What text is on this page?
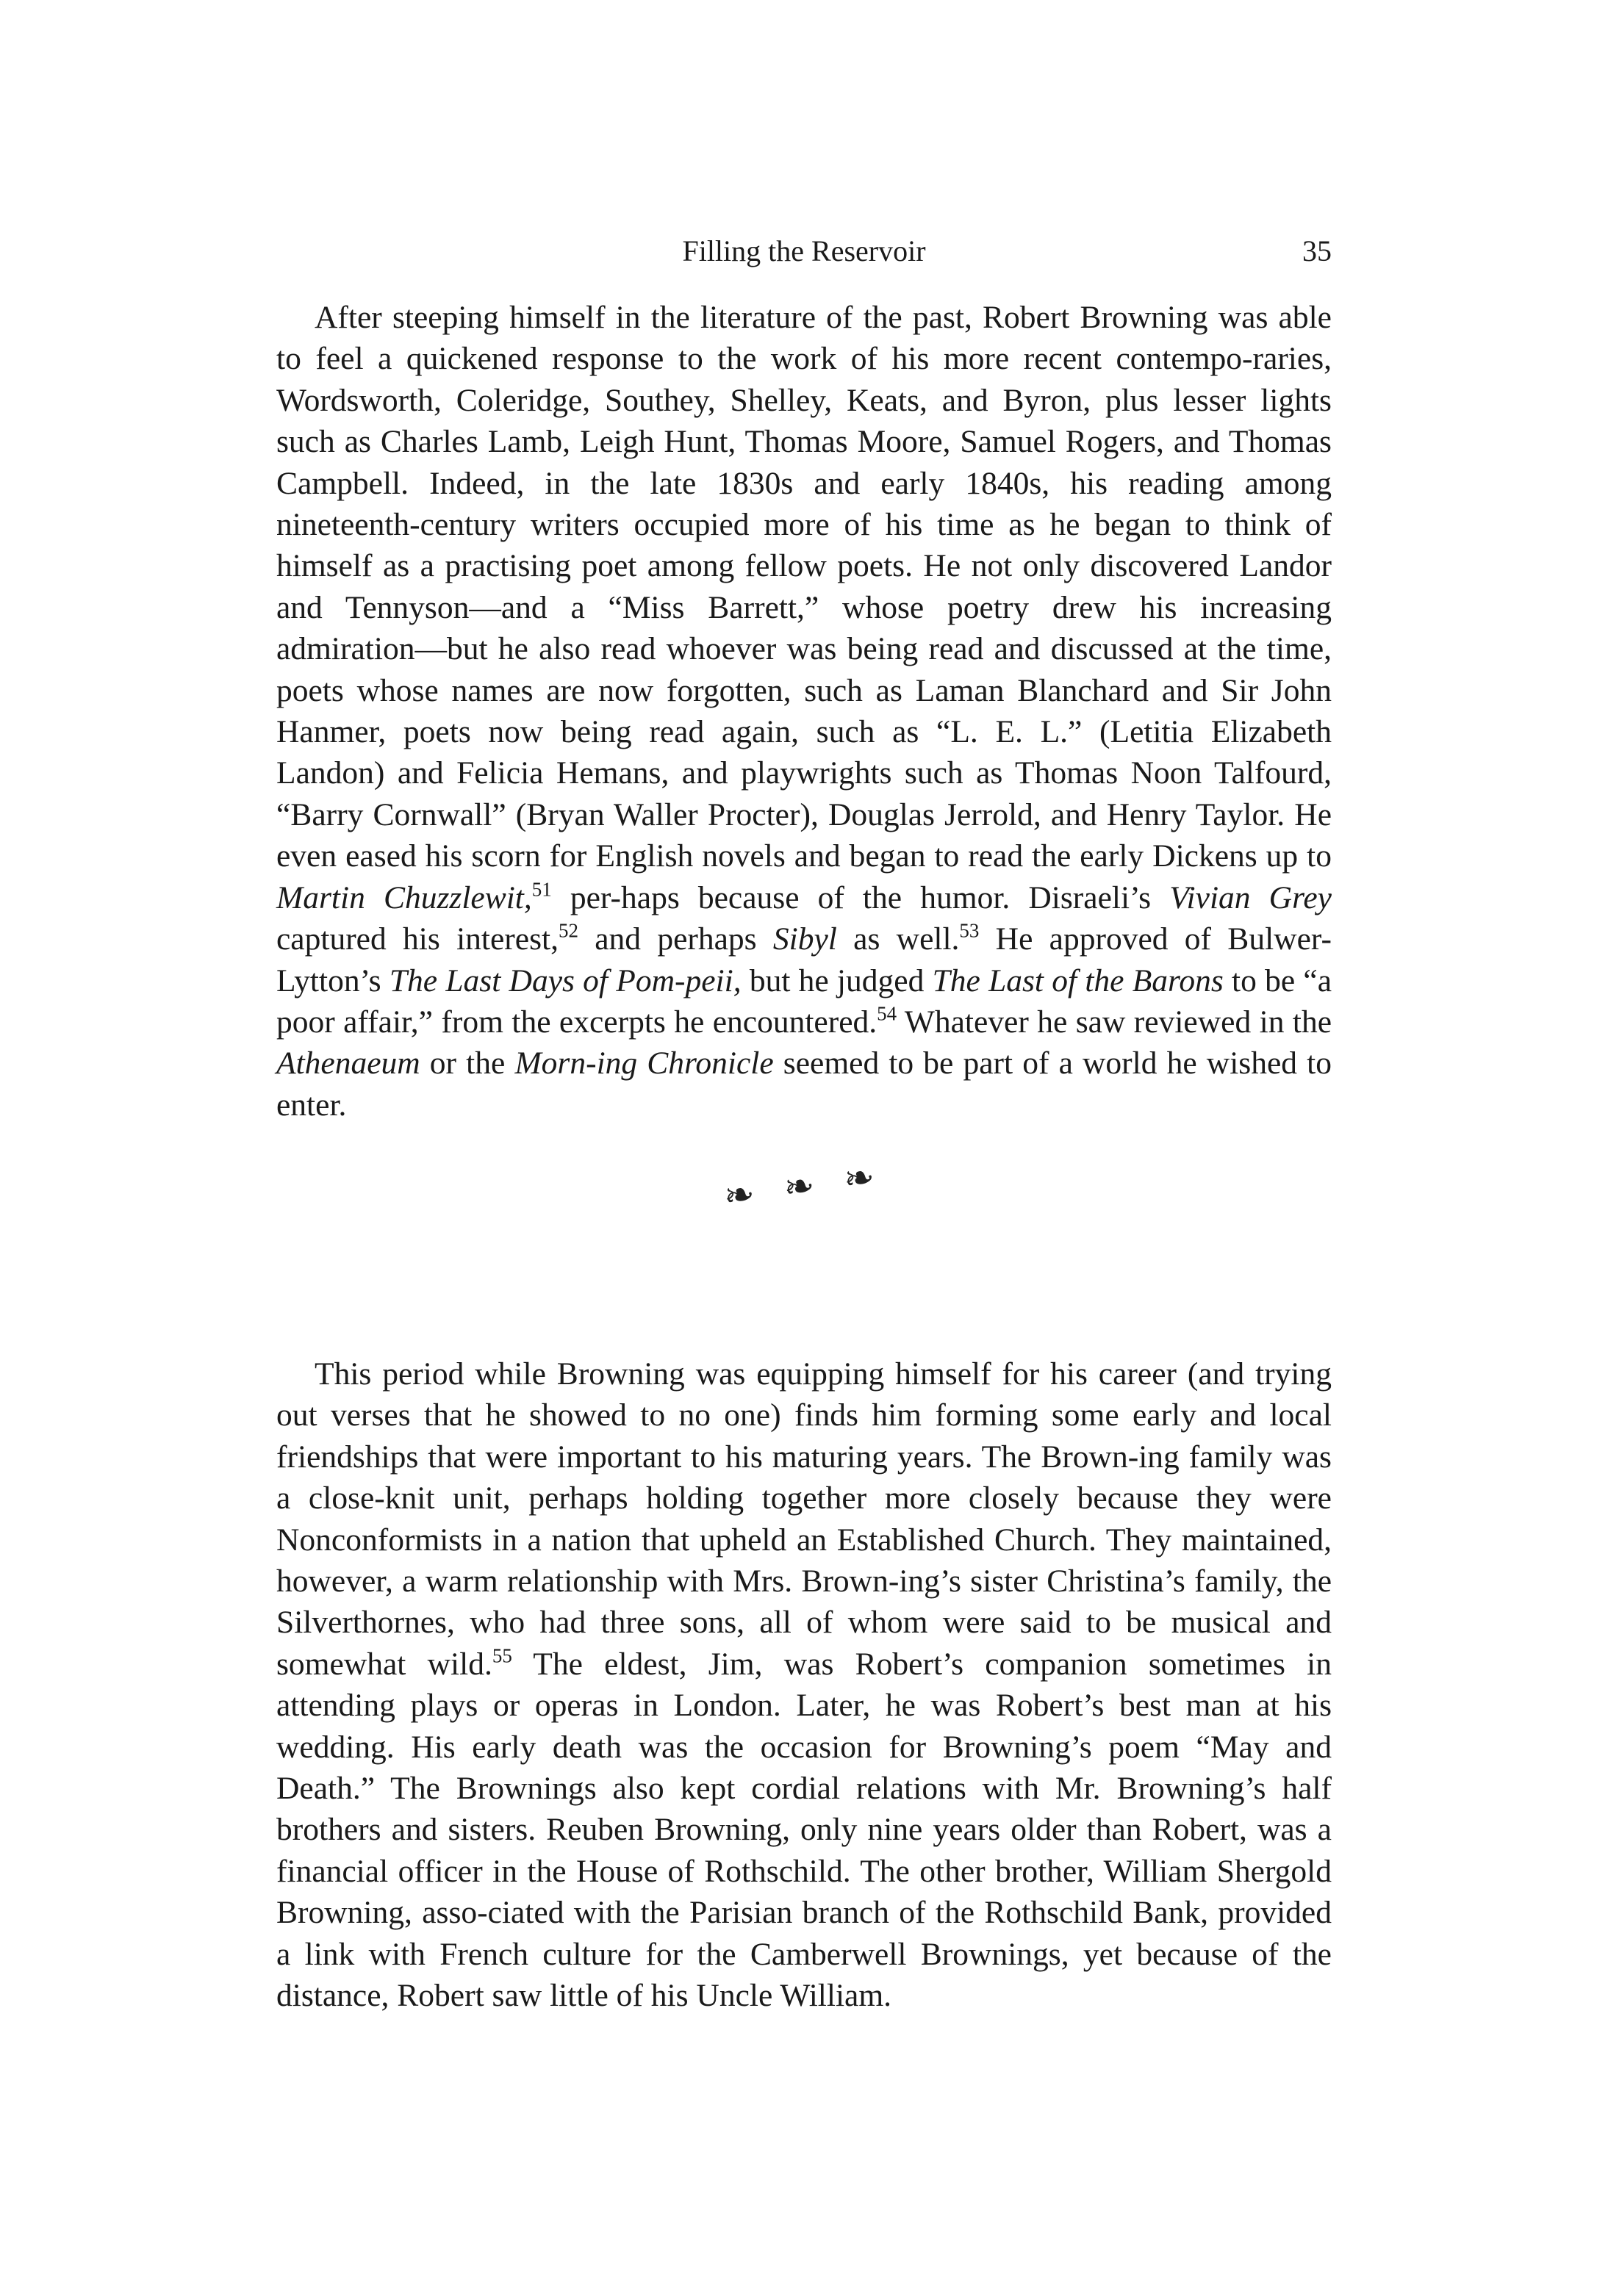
Filling the Reservoir	35

After steeping himself in the literature of the past, Robert Browning was able to feel a quickened response to the work of his more recent contempo-raries, Wordsworth, Coleridge, Southey, Shelley, Keats, and Byron, plus lesser lights such as Charles Lamb, Leigh Hunt, Thomas Moore, Samuel Rogers, and Thomas Campbell. Indeed, in the late 1830s and early 1840s, his reading among nineteenth-century writers occupied more of his time as he began to think of himself as a practising poet among fellow poets. He not only discovered Landor and Tennyson—and a “Miss Barrett,” whose poetry drew his increasing admiration—but he also read whoever was being read and discussed at the time, poets whose names are now forgotten, such as Laman Blanchard and Sir John Hanmer, poets now being read again, such as “L. E. L.” (Letitia Elizabeth Landon) and Felicia Hemans, and playwrights such as Thomas Noon Talfourd, “Barry Cornwall” (Bryan Waller Procter), Douglas Jerrold, and Henry Taylor. He even eased his scorn for English novels and began to read the early Dickens up to Martin Chuzzlewit,$^{51}$ per-haps because of the humor. Disraeli’s Vivian Grey captured his interest,$^{52}$ and perhaps Sibyl as well.$^{53}$ He approved of Bulwer-Lytton’s The Last Days of Pom-peii, but he judged The Last of the Barons to be “a poor affair,” from the excerpts he encountered.$^{54}$ Whatever he saw reviewed in the Athenaeum or the Morn-ing Chronicle seemed to be part of a world he wished to enter.

❧ ❧ ❧

This period while Browning was equipping himself for his career (and trying out verses that he showed to no one) finds him forming some early and local friendships that were important to his maturing years. The Brown-ing family was a close-knit unit, perhaps holding together more closely because they were Nonconformists in a nation that upheld an Established Church. They maintained, however, a warm relationship with Mrs. Brown-ing’s sister Christina’s family, the Silverthornes, who had three sons, all of whom were said to be musical and somewhat wild.$^{55}$ The eldest, Jim, was Robert’s companion sometimes in attending plays or operas in London. Later, he was Robert’s best man at his wedding. His early death was the occasion for Browning’s poem “May and Death.” The Brownings also kept cordial relations with Mr. Browning’s half brothers and sisters. Reuben Browning, only nine years older than Robert, was a financial officer in the House of Rothschild. The other brother, William Shergold Browning, asso-ciated with the Parisian branch of the Rothschild Bank, provided a link with French culture for the Camberwell Brownings, yet because of the distance, Robert saw little of his Uncle William.
